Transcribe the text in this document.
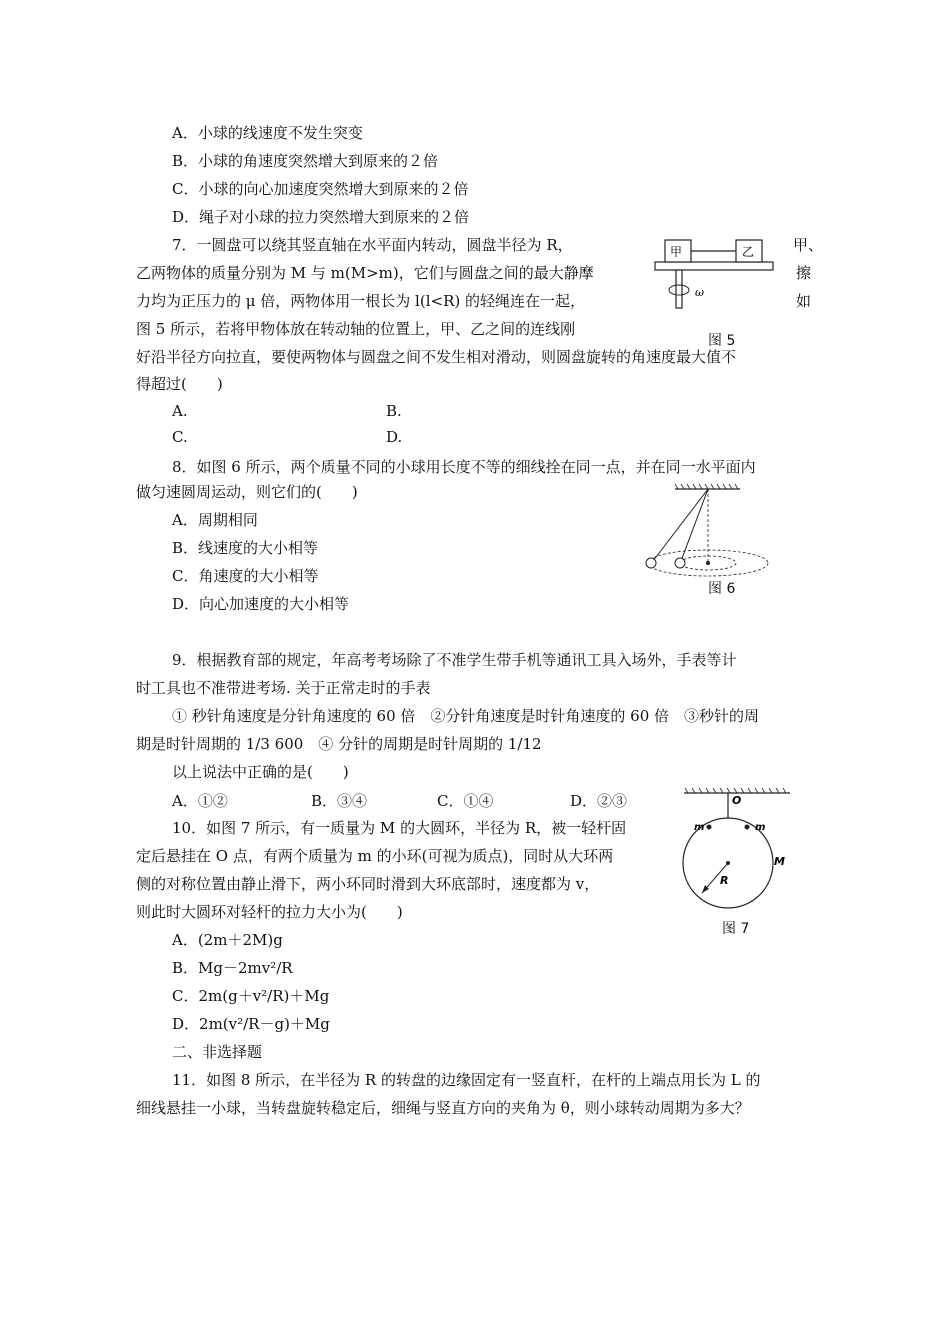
A．小球的线速度不发生突变
B．小球的角速度突然增大到原来的２倍
C．小球的向心加速度突然增大到原来的２倍
D．绳子对小球的拉力突然增大到原来的２倍
7．一圆盘可以绕其竖直轴在水平面内转动，圆盘半径为 R，	甲、
乙两物体的质量分别为 M 与 m(M>m)，它们与圆盘之间的最大静摩	擦
力均为正压力的 μ 倍，两物体用一根长为 l(l<R) 的轻绳连在一起，	如
图 5 所示，若将甲物体放在转动轴的位置上，甲、乙之间的连线刚
好沿半径方向拉直，要使两物体与圆盘之间不发生相对滑动，则圆盘旋转的角速度最大值不
得超过(　　)
A.	B.
C.	D.
甲	乙
ω
图 5
8．如图 6 所示，两个质量不同的小球用长度不等的细线拴在同一点，并在同一水平面内
做匀速圆周运动，则它们的(　　)
A．周期相同
B．线速度的大小相等
C．角速度的大小相等
D．向心加速度的大小相等
图 6
9．根据教育部的规定，年高考考场除了不准学生带手机等通讯工具入场外，手表等计
时工具也不准带进考场. 关于正常走时的手表
① 秒针角速度是分针角速度的 60 倍　②分针角速度是时针角速度的 60 倍　③秒针的周
期是时针周期的 1/3 600　④ 分针的周期是时针周期的 1/12
以上说法中正确的是(　　)
A．①②	B．③④	C．①④	D．②③
10．如图 7 所示，有一质量为 M 的大圆环，半径为 R，被一轻杆固
定后悬挂在 O 点，有两个质量为 m 的小环(可视为质点)，同时从大环两
侧的对称位置由静止滑下，两小环同时滑到大环底部时，速度都为 v，
则此时大圆环对轻杆的拉力大小为(　　)
A．(2m＋2M)g
B．Mg－2mv²/R
C．2m(g＋v²/R)＋Mg
D．2m(v²/R－g)＋Mg
O
m	m
M
R
图 7
二、非选择题
11．如图 8 所示，在半径为 R 的转盘的边缘固定有一竖直杆，在杆的上端点用长为 L 的
细线悬挂一小球，当转盘旋转稳定后，细绳与竖直方向的夹角为 θ，则小球转动周期为多大？
